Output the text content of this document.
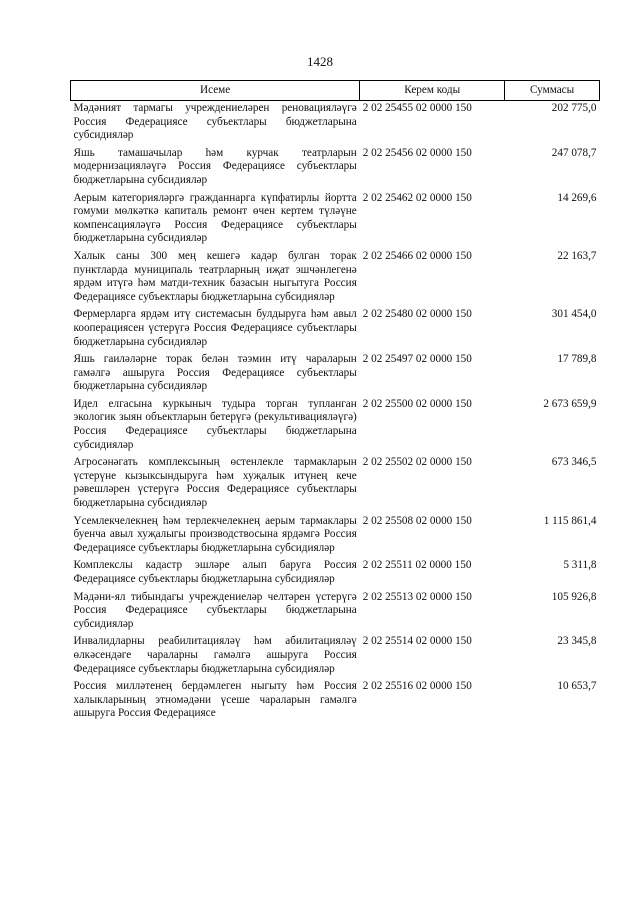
1428
Исеме	Керем коды	Суммасы
Мәдәният тармагы учреждениеләрен реновацияләүгә Россия Федерациясе субъектлары бюджетларына субсидияләр	2 02 25455 02 0000 150	202 775,0
Яшь тамашачылар һәм курчак театрларын модернизацияләүгә Россия Федерациясе субъектлары бюджетларына субсидияләр	2 02 25456 02 0000 150	247 078,7
Аерым категорияләргә гражданнарга күпфатирлы йортта гомуми мөлкәткә капиталь ремонт өчен кертем түләүне компенсацияләүгә Россия Федерациясе субъектлары бюджетларына субсидияләр	2 02 25462 02 0000 150	14 269,6
Халык саны 300 мең кешегә кадәр булган торак пунктларда муниципаль театрларның иҗат эшчәнлегенә ярдәм итүгә һәм матди-техник базасын ныгытуга Россия Федерациясе субъектлары бюджетларына субсидияләр	2 02 25466 02 0000 150	22 163,7
Фермерларга ярдәм итү системасын булдыруга һәм авыл кооперациясен үстерүгә Россия Федерациясе субъектлары бюджетларына субсидияләр	2 02 25480 02 0000 150	301 454,0
Яшь гаиләләрне торак белән тәэмин итү чараларын гамәлгә ашыруга Россия Федерациясе субъектлары бюджетларына субсидияләр	2 02 25497 02 0000 150	17 789,8
Идел елгасына куркыныч тудыра торган тупланган экологик зыян объектларын бетерүгә (рекультивацияләүгә) Россия Федерациясе субъектлары бюджетларына субсидияләр	2 02 25500 02 0000 150	2 673 659,9
Агросәнәгать комплексының өстенлекле тармакларын үстерүне кызыксындыруга һәм хуҗалык итүнең кече рәвешләрен үстерүгә Россия Федерациясе субъектлары бюджетларына субсидияләр	2 02 25502 02 0000 150	673 346,5
Үсемлекчелекнең һәм терлекчелекнең аерым тармаклары буенча авыл хуҗалыгы производствосына ярдәмгә Россия Федерациясе субъектлары бюджетларына субсидияләр	2 02 25508 02 0000 150	1 115 861,4
Комплекслы кадастр эшләре алып баруга Россия Федерациясе субъектлары бюджетларына субсидияләр	2 02 25511 02 0000 150	5 311,8
Мәдәни-ял тибындагы учреждениеләр челтәрен үстерүгә Россия Федерациясе субъектлары бюджетларына субсидияләр	2 02 25513 02 0000 150	105 926,8
Инвалидларны реабилитацияләү һәм абилитацияләү өлкәсендәге чараларны гамәлгә ашыруга Россия Федерациясе субъектлары бюджетларына субсидияләр	2 02 25514 02 0000 150	23 345,8
Россия милләтенең бердәмлеген ныгыту һәм Россия халыкларының этномәдәни үсеше чараларын гамәлгә ашыруга Россия Федерациясе	2 02 25516 02 0000 150	10 653,7
